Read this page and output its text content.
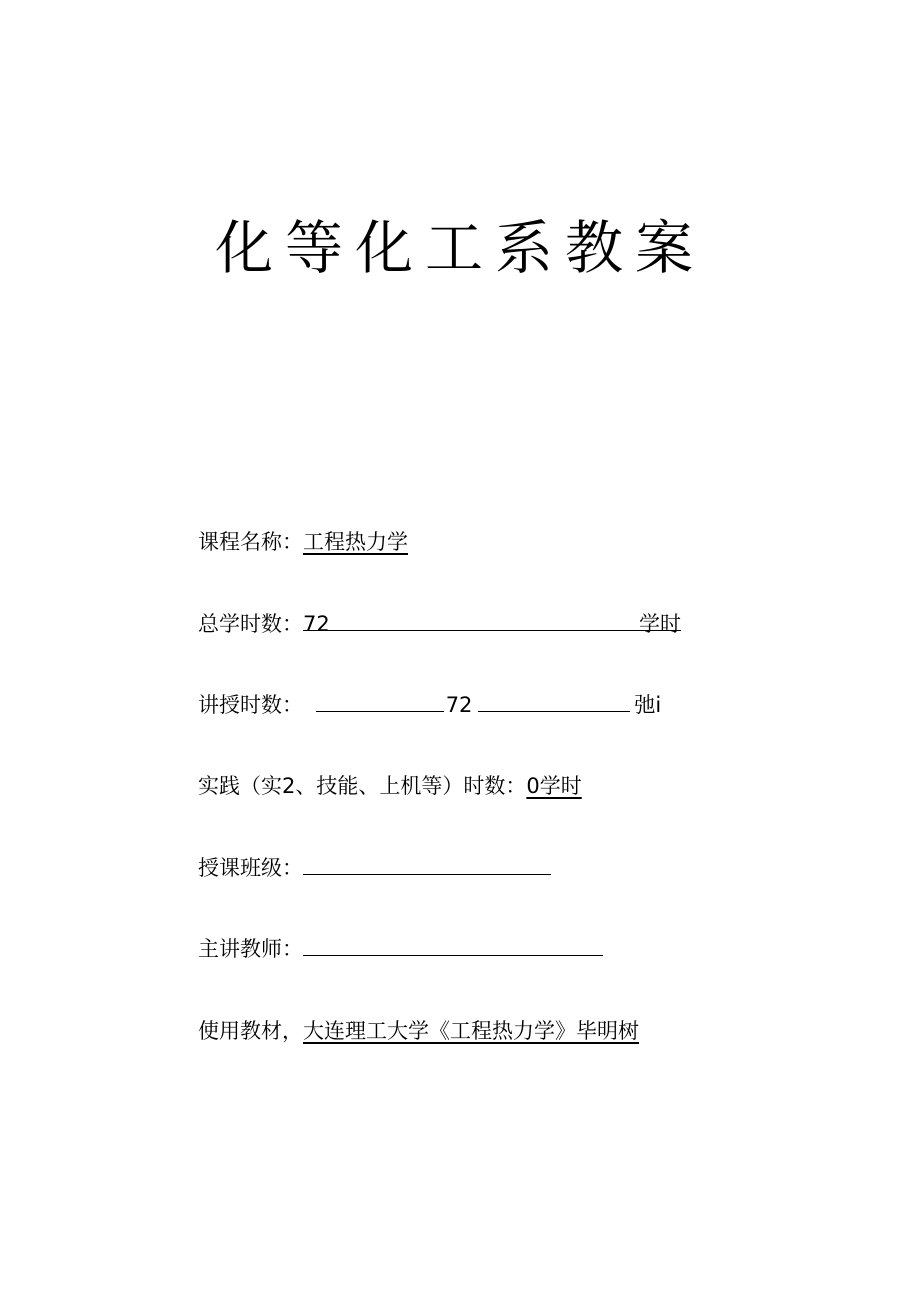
化等化工系教案
课程名称：工程热力学
总学时数：72	学时
讲授时数：	72	弛i
实践（实2、技能、上机等）时数：0学时
授课班级：
主讲教师：
使用教材，大连理工大学《工程热力学》毕明树
